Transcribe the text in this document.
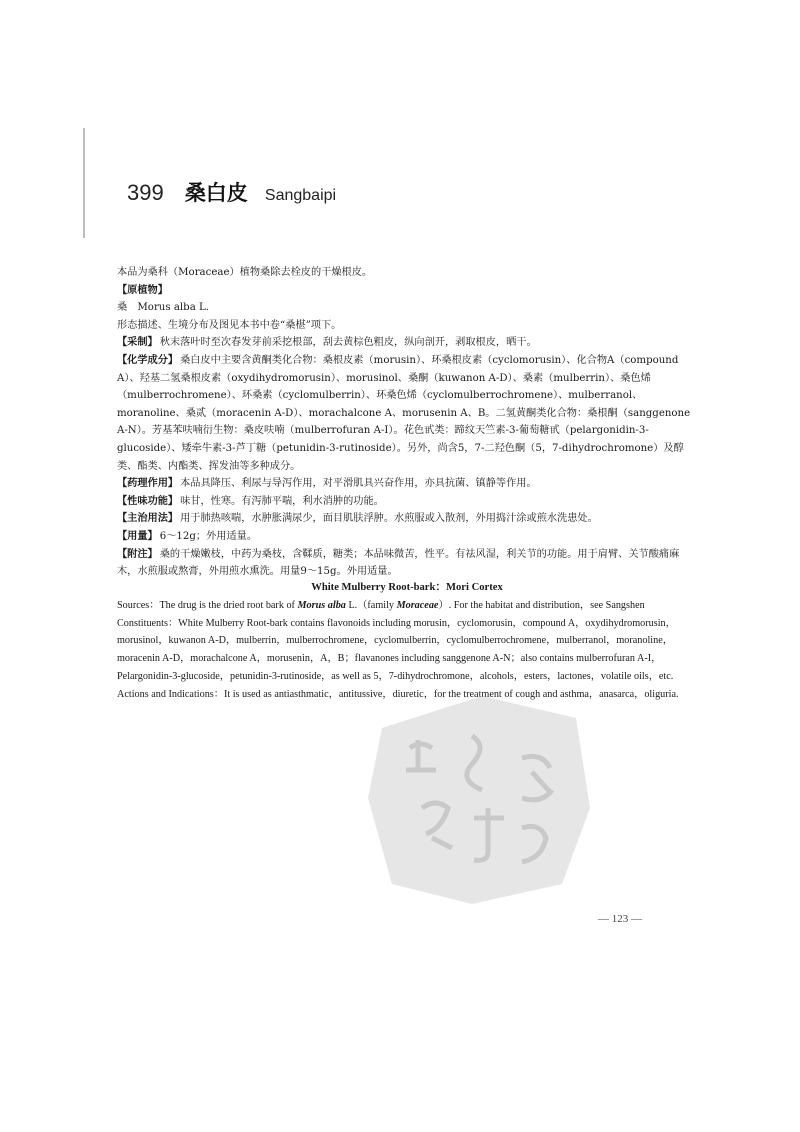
399 桑白皮 Sangbaipi

本品为桑科（Moraceae）植物桑除去栓皮的干燥根皮。

【原植物】

桑　Morus alba L.

形态描述、生境分布及图见本书中卷“桑椹”项下。

【采制】 秋末落叶时至次春发芽前采挖根部，刮去黄棕色粗皮，纵向剖开，剥取根皮，晒干。

【化学成分】 桑白皮中主要含黄酮类化合物：桑根皮素（morusin）、环桑根皮素（cyclomorusin）、化合物A（compound A）、羟基二氢桑根皮素（oxydihydromorusin）、morusinol、桑酮（kuwanon A-D）、桑素（mulberrin）、桑色烯（mulberrochromene）、环桑素（cyclomulberrin）、环桑色烯（cyclomulberrochromene）、mulberranol、moranoline、桑贰（moracenin A-D）、morachalcone A、morusenin A、B。二氢黄酮类化合物：桑根酮（sanggenone A-N）。芳基苯呋喃衍生物：桑皮呋喃（mulberrofuran A-I）。花色甙类：蹄纹天竺素-3-葡萄糖甙（pelargonidin-3-glucoside）、矮牵牛素-3-芦丁糖（petunidin-3-rutinoside）。另外，尚含5，7-二羟色酮（5，7-dihydrochromone）及醇类、酯类、内酯类、挥发油等多种成分。

【药理作用】 本品具降压、利尿与导泻作用，对平滑肌具兴奋作用，亦具抗菌、镇静等作用。

【性味功能】 味甘，性寒。有泻肺平喘，利水消肿的功能。

【主治用法】 用于肺热咳喘，水肿胀满尿少，面目肌肤浮肿。水煎服或入散剂，外用捣汁涂或煎水洗患处。

【用量】 6～12g；外用适量。

【附注】 桑的干燥嫩枝，中药为桑枝，含鞣质，糖类；本品味微苦，性平。有祛风湿，利关节的功能。用于肩臂、关节酸痛麻木，水煎服或熬膏，外用煎水熏洗。用量9～15g。外用适量。

White Mulberry Root-bark：Mori Cortex

Sources：The drug is the dried root bark of Morus alba L.（family Moraceae）. For the habitat and distribution，see Sangshen

Constituents：White Mulberry Root-bark contains flavonoids including morusin，cyclomorusin，compound A，oxydihydromorusin，morusinol，kuwanon A-D，mulberrin，mulberrochromene，cyclomulberrin，cyclomulberrochromene，mulberranol，moranoline，moracenin A-D，morachalcone A，morusenin，A，B；flavanones including sanggenone A-N；also contains mulberrofuran A-I，Pelargonidin-3-glucoside，petunidin-3-rutinoside，as well as 5，7-dihydrochromone，alcohols，esters，lactones，volatile oils，etc.

Actions and Indications：It is used as antiasthmatic，antitussive，diuretic，for the treatment of cough and asthma，anasarca，oliguria.

— 123 —
